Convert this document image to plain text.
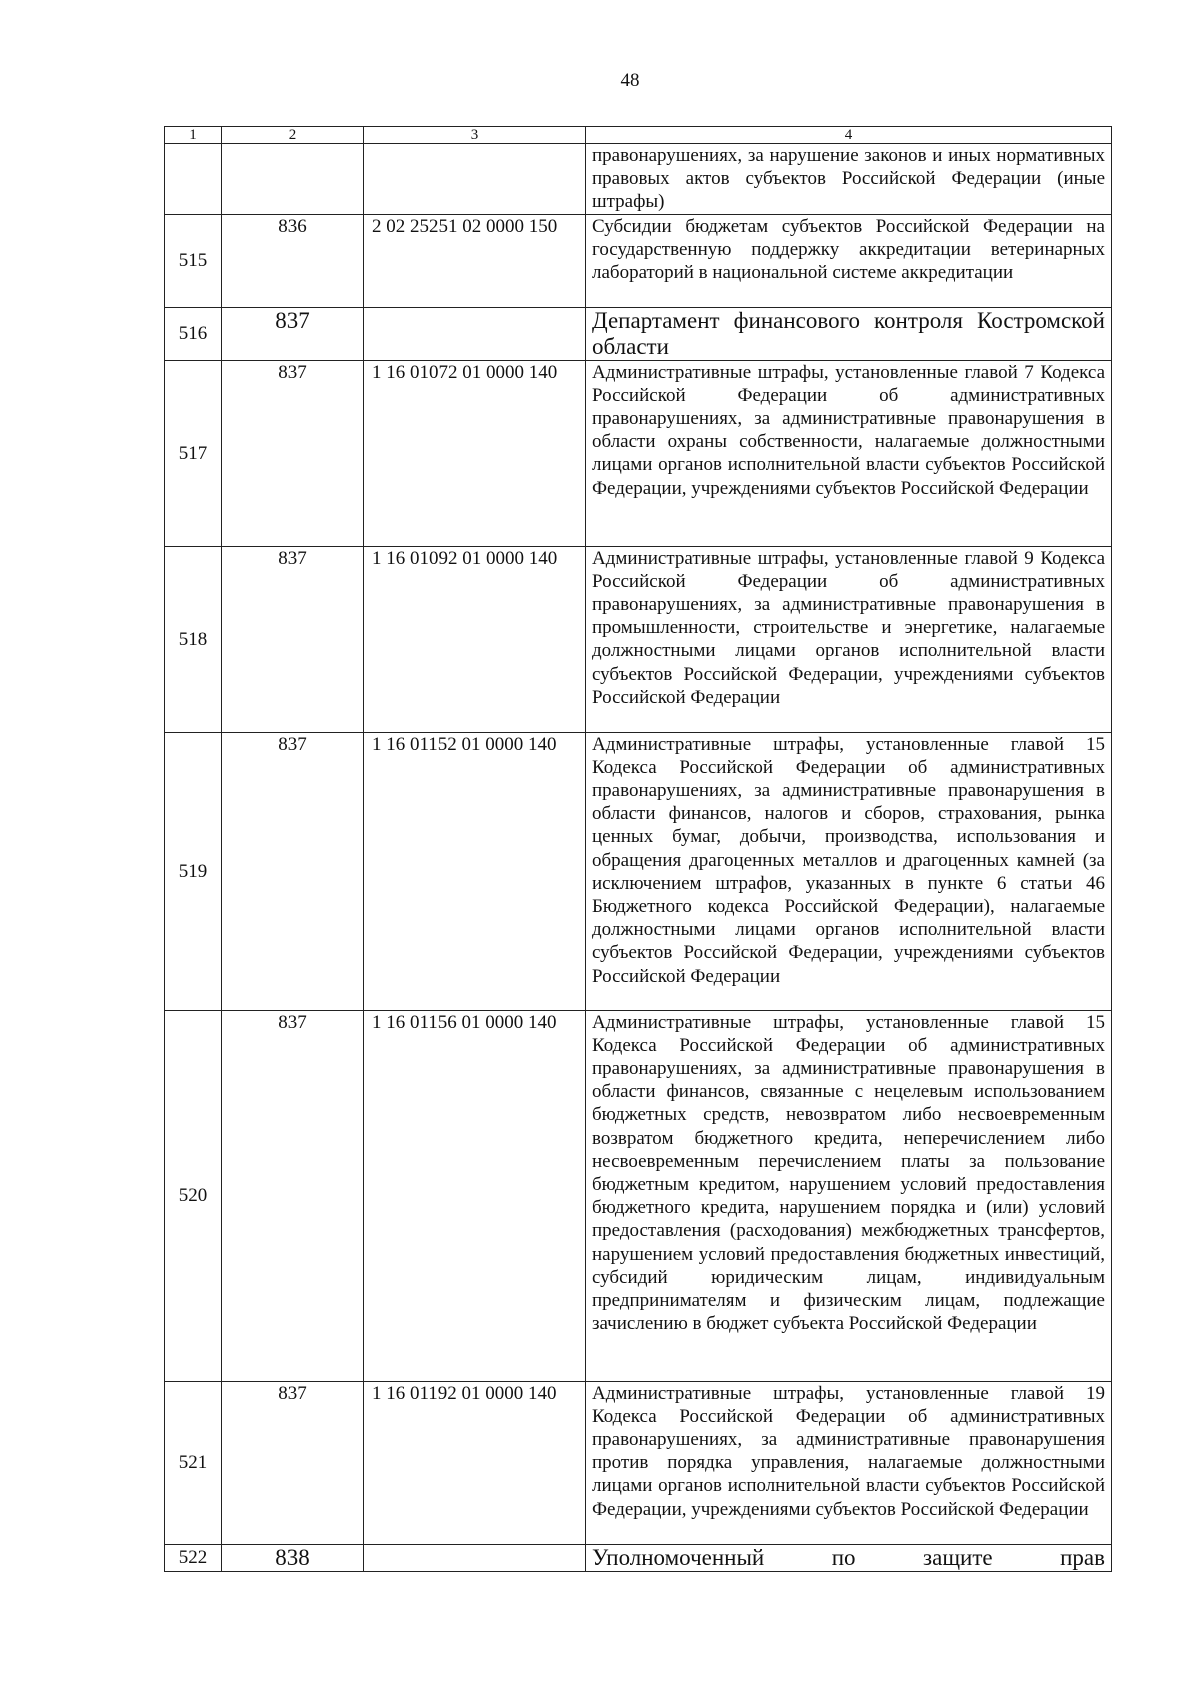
48
1	2	3	4

			правонарушениях, за нарушение законов и иных нормативных правовых актов субъектов Российской Федерации (иные штрафы)

515	836	2 02 25251 02 0000 150	Субсидии бюджетам субъектов Российской Федерации на государственную поддержку аккредитации ветеринарных лабораторий в национальной системе аккредитации

516	837		Департамент финансового контроля Костромской области

517	837	1 16 01072 01 0000 140	Административные штрафы, установленные главой 7 Кодекса Российской Федерации об административных правонарушениях, за административные правонарушения в области охраны собственности, налагаемые должностными лицами органов исполнительной власти субъектов Российской Федерации, учреждениями субъектов Российской Федерации

518	837	1 16 01092 01 0000 140	Административные штрафы, установленные главой 9 Кодекса Российской Федерации об административных правонарушениях, за административные правонарушения в промышленности, строительстве и энергетике, налагаемые должностными лицами органов исполнительной власти субъектов Российской Федерации, учреждениями субъектов Российской Федерации

519	837	1 16 01152 01 0000 140	Административные штрафы, установленные главой 15 Кодекса Российской Федерации об административных правонарушениях, за административные правонарушения в области финансов, налогов и сборов, страхования, рынка ценных бумаг, добычи, производства, использования и обращения драгоценных металлов и драгоценных камней (за исключением штрафов, указанных в пункте 6 статьи 46 Бюджетного кодекса Российской Федерации), налагаемые должностными лицами органов исполнительной власти субъектов Российской Федерации, учреждениями субъектов Российской Федерации

520	837	1 16 01156 01 0000 140	Административные штрафы, установленные главой 15 Кодекса Российской Федерации об административных правонарушениях, за административные правонарушения в области финансов, связанные с нецелевым использованием бюджетных средств, невозвратом либо несвоевременным возвратом бюджетного кредита, неперечислением либо несвоевременным перечислением платы за пользование бюджетным кредитом, нарушением условий предоставления бюджетного кредита, нарушением порядка и (или) условий предоставления (расходования) межбюджетных трансфертов, нарушением условий предоставления бюджетных инвестиций, субсидий юридическим лицам, индивидуальным предпринимателям и физическим лицам, подлежащие зачислению в бюджет субъекта Российской Федерации

521	837	1 16 01192 01 0000 140	Административные штрафы, установленные главой 19 Кодекса Российской Федерации об административных правонарушениях, за административные правонарушения против порядка управления, налагаемые должностными лицами органов исполнительной власти субъектов Российской Федерации, учреждениями субъектов Российской Федерации

522	838		Уполномоченный по защите прав
